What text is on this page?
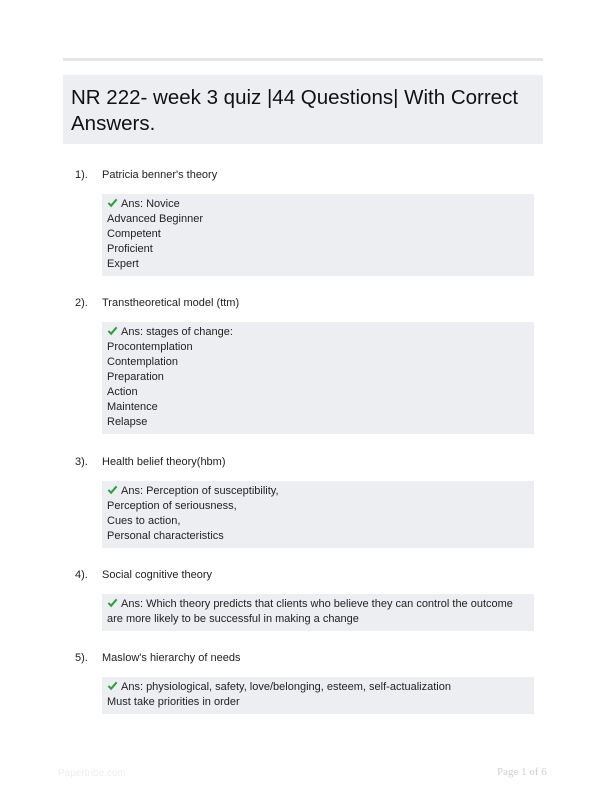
NR 222- week 3 quiz |44 Questions| With Correct Answers.
1). Patricia benner's theory
Ans: Novice
Advanced Beginner
Competent
Proficient
Expert
2). Transtheoretical model (ttm)
Ans: stages of change:
Procontemplation
Contemplation
Preparation
Action
Maintence
Relapse
3). Health belief theory(hbm)
Ans: Perception of susceptibility,
Perception of seriousness,
Cues to action,
Personal characteristics
4). Social cognitive theory
Ans: Which theory predicts that clients who believe they can control the outcome are more likely to be successful in making a change
5). Maslow's hierarchy of needs
Ans: physiological, safety, love/belonging, esteem, self-actualization
Must take priorities in order
Papertribe.com	Page 1 of 6
